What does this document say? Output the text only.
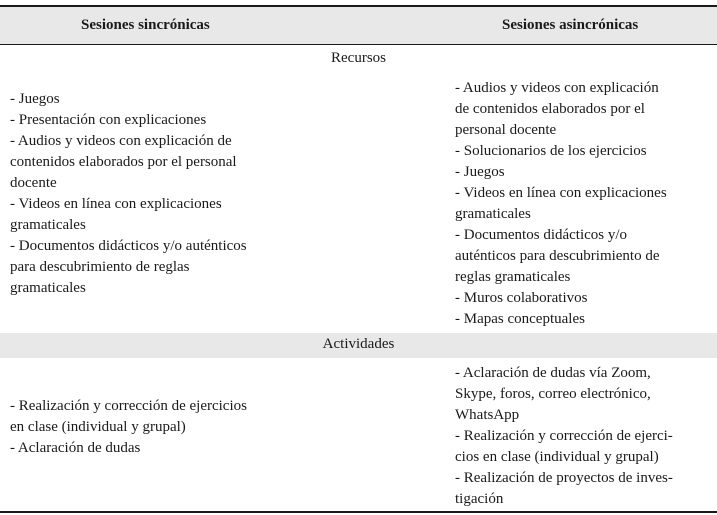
Sesiones sincrónicas	Sesiones asincrónicas
Recursos
- Juegos
- Presentación con explicaciones
- Audios y videos con explicación de
contenidos elaborados por el personal
docente
- Videos en línea con explicaciones
gramaticales
- Documentos didácticos y/o auténticos
para descubrimiento de reglas
gramaticales
- Audios y videos con explicación
de contenidos elaborados por el
personal docente
- Solucionarios de los ejercicios
- Juegos
- Videos en línea con explicaciones
gramaticales
- Documentos didácticos y/o
auténticos para descubrimiento de
reglas gramaticales
- Muros colaborativos
- Mapas conceptuales
Actividades
- Realización y corrección de ejercicios
en clase (individual y grupal)
- Aclaración de dudas
- Aclaración de dudas vía Zoom,
Skype, foros, correo electrónico,
WhatsApp
- Realización y corrección de ejerci-
cios en clase (individual y grupal)
- Realización de proyectos de inves-
tigación
